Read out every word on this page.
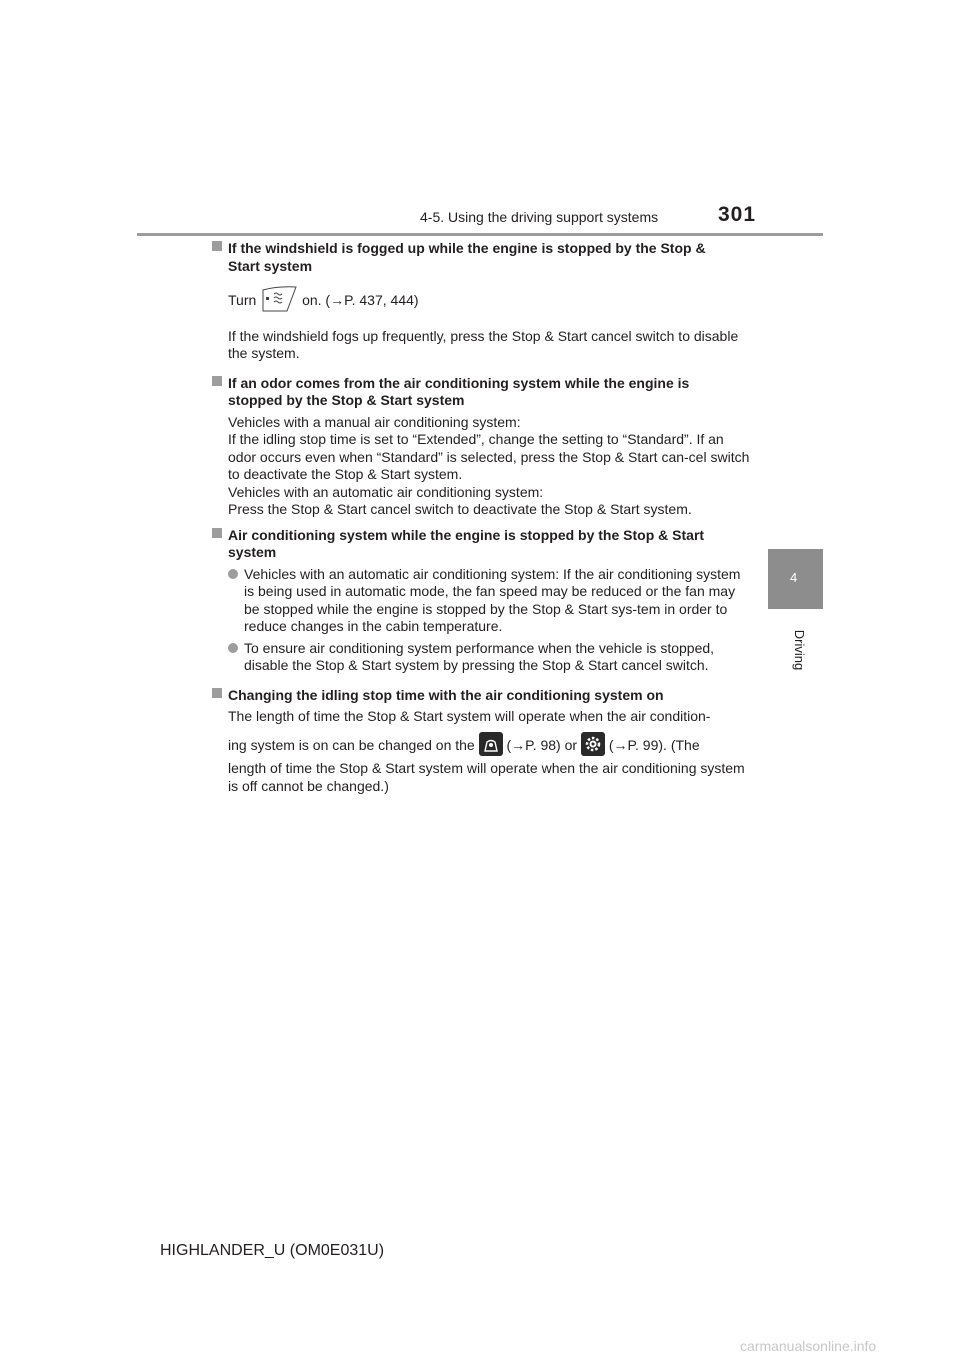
4-5. Using the driving support systems	301
4
Driving
If the windshield is fogged up while the engine is stopped by the Stop &
Start system
Turn	on. (→P. 437, 444)
If the windshield fogs up frequently, press the Stop & Start cancel switch to disable the system.
If an odor comes from the air conditioning system while the engine is
stopped by the Stop & Start system
Vehicles with a manual air conditioning system:
If the idling stop time is set to “Extended”, change the setting to “Standard”. If an odor occurs even when “Standard” is selected, press the Stop & Start can-cel switch to deactivate the Stop & Start system.
Vehicles with an automatic air conditioning system:
Press the Stop & Start cancel switch to deactivate the Stop & Start system.
Air conditioning system while the engine is stopped by the Stop & Start
system
Vehicles with an automatic air conditioning system: If the air conditioning system is being used in automatic mode, the fan speed may be reduced or the fan may be stopped while the engine is stopped by the Stop & Start sys-tem in order to reduce changes in the cabin temperature.
To ensure air conditioning system performance when the vehicle is stopped, disable the Stop & Start system by pressing the Stop & Start cancel switch.
Changing the idling stop time with the air conditioning system on
The length of time the Stop & Start system will operate when the air condition-
ing system is on can be changed on the (→P. 98) or (→P. 99). (The
length of time the Stop & Start system will operate when the air conditioning system is off cannot be changed.)
HIGHLANDER_U (OM0E031U)
carmanualsonline.info
